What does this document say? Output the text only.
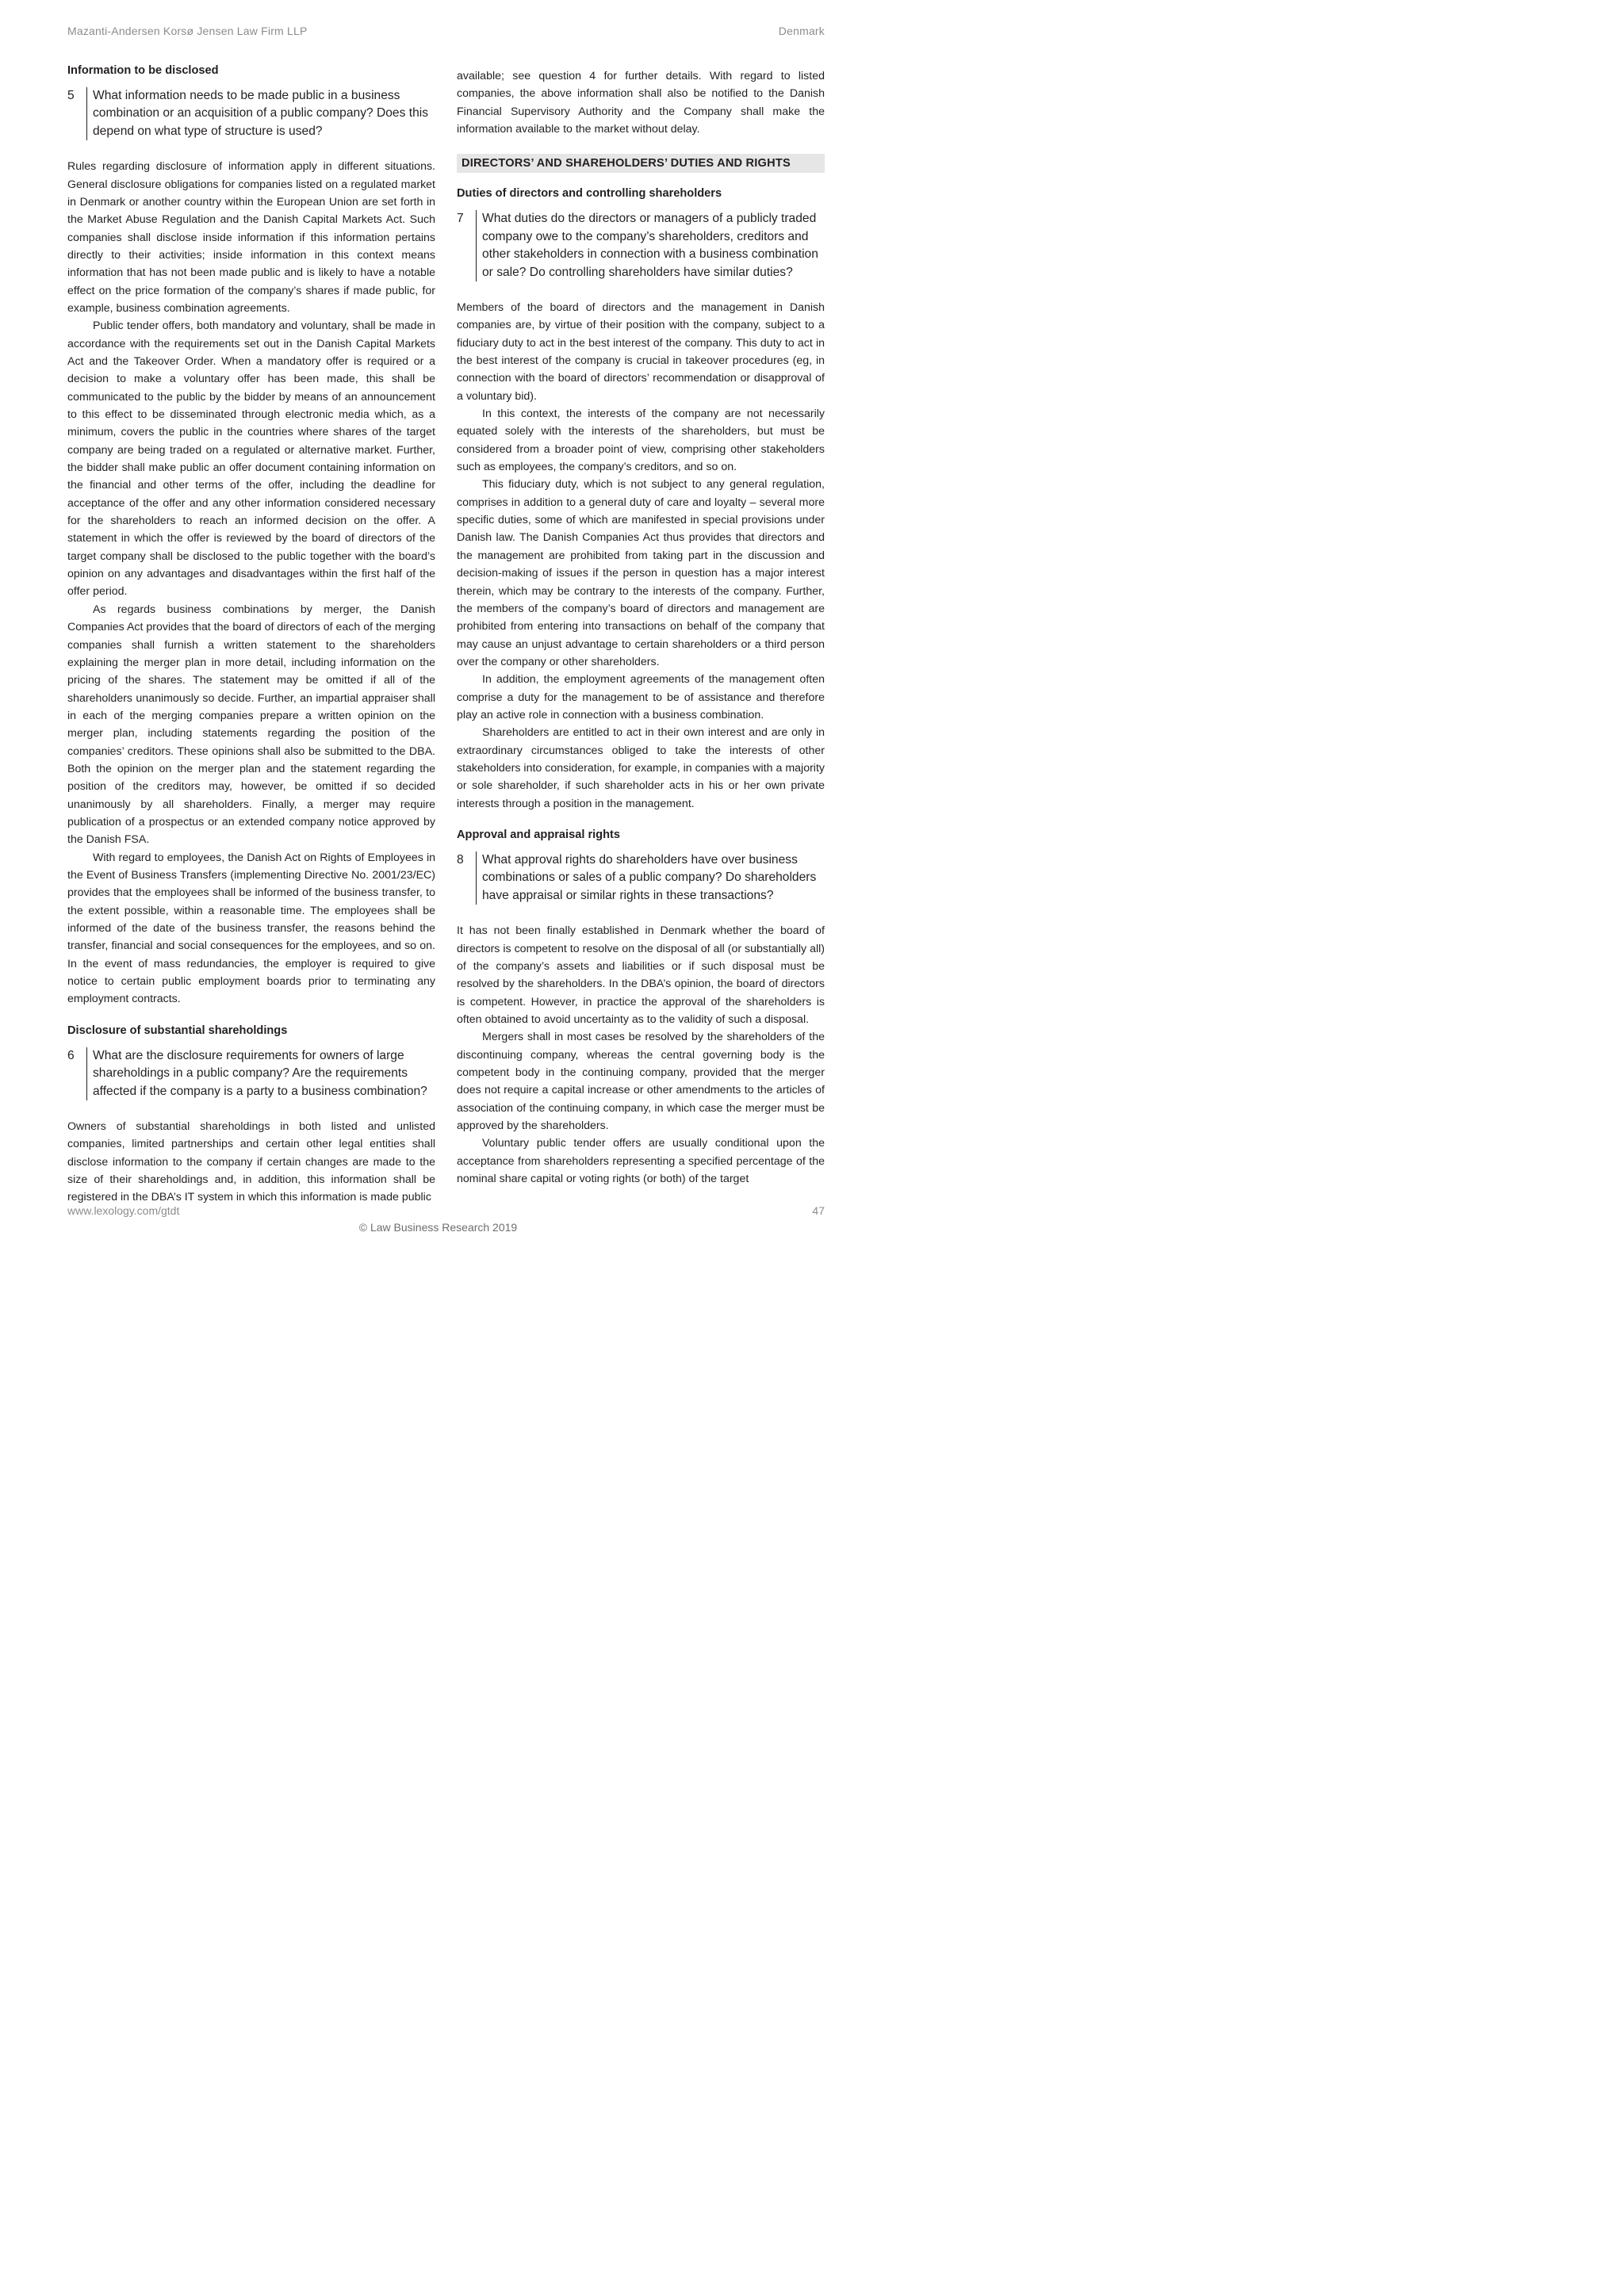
Mazanti-Andersen Korsø Jensen Law Firm LLP	Denmark
Information to be disclosed
5	What information needs to be made public in a business combination or an acquisition of a public company? Does this depend on what type of structure is used?

Rules regarding disclosure of information apply in different situations. General disclosure obligations for companies listed on a regulated market in Denmark or another country within the European Union are set forth in the Market Abuse Regulation and the Danish Capital Markets Act. Such companies shall disclose inside information if this information pertains directly to their activities; inside information in this context means information that has not been made public and is likely to have a notable effect on the price formation of the company’s shares if made public, for example, business combination agreements.

Public tender offers, both mandatory and voluntary, shall be made in accordance with the requirements set out in the Danish Capital Markets Act and the Takeover Order. When a mandatory offer is required or a decision to make a voluntary offer has been made, this shall be communicated to the public by the bidder by means of an announcement to this effect to be disseminated through electronic media which, as a minimum, covers the public in the countries where shares of the target company are being traded on a regulated or alternative market. Further, the bidder shall make public an offer document containing information on the financial and other terms of the offer, including the deadline for acceptance of the offer and any other information considered necessary for the shareholders to reach an informed decision on the offer. A statement in which the offer is reviewed by the board of directors of the target company shall be disclosed to the public together with the board’s opinion on any advantages and disadvantages within the first half of the offer period.

As regards business combinations by merger, the Danish Companies Act provides that the board of directors of each of the merging companies shall furnish a written statement to the shareholders explaining the merger plan in more detail, including information on the pricing of the shares. The statement may be omitted if all of the shareholders unanimously so decide. Further, an impartial appraiser shall in each of the merging companies prepare a written opinion on the merger plan, including statements regarding the position of the companies’ creditors. These opinions shall also be submitted to the DBA. Both the opinion on the merger plan and the statement regarding the position of the creditors may, however, be omitted if so decided unanimously by all shareholders. Finally, a merger may require publication of a prospectus or an extended company notice approved by the Danish FSA.

With regard to employees, the Danish Act on Rights of Employees in the Event of Business Transfers (implementing Directive No. 2001/23/EC) provides that the employees shall be informed of the business transfer, to the extent possible, within a reasonable time. The employees shall be informed of the date of the business transfer, the reasons behind the transfer, financial and social consequences for the employees, and so on. In the event of mass redundancies, the employer is required to give notice to certain public employment boards prior to terminating any employment contracts.

Disclosure of substantial shareholdings
6	What are the disclosure requirements for owners of large shareholdings in a public company? Are the requirements affected if the company is a party to a business combination?

Owners of substantial shareholdings in both listed and unlisted companies, limited partnerships and certain other legal entities shall disclose information to the company if certain changes are made to the size of their shareholdings and, in addition, this information shall be registered in the DBA’s IT system in which this information is made public

available; see question 4 for further details. With regard to listed companies, the above information shall also be notified to the Danish Financial Supervisory Authority and the Company shall make the information available to the market without delay.

DIRECTORS’ AND SHAREHOLDERS’ DUTIES AND RIGHTS
Duties of directors and controlling shareholders
7	What duties do the directors or managers of a publicly traded company owe to the company’s shareholders, creditors and other stakeholders in connection with a business combination or sale? Do controlling shareholders have similar duties?

Members of the board of directors and the management in Danish companies are, by virtue of their position with the company, subject to a fiduciary duty to act in the best interest of the company. This duty to act in the best interest of the company is crucial in takeover procedures (eg, in connection with the board of directors’ recommendation or disapproval of a voluntary bid).

In this context, the interests of the company are not necessarily equated solely with the interests of the shareholders, but must be considered from a broader point of view, comprising other stakeholders such as employees, the company’s creditors, and so on.

This fiduciary duty, which is not subject to any general regulation, comprises in addition to a general duty of care and loyalty – several more specific duties, some of which are manifested in special provisions under Danish law. The Danish Companies Act thus provides that directors and the management are prohibited from taking part in the discussion and decision-making of issues if the person in question has a major interest therein, which may be contrary to the interests of the company. Further, the members of the company’s board of directors and management are prohibited from entering into transactions on behalf of the company that may cause an unjust advantage to certain shareholders or a third person over the company or other shareholders.

In addition, the employment agreements of the management often comprise a duty for the management to be of assistance and therefore play an active role in connection with a business combination.

Shareholders are entitled to act in their own interest and are only in extraordinary circumstances obliged to take the interests of other stakeholders into consideration, for example, in companies with a majority or sole shareholder, if such shareholder acts in his or her own private interests through a position in the management.

Approval and appraisal rights
8	What approval rights do shareholders have over business combinations or sales of a public company? Do shareholders have appraisal or similar rights in these transactions?

It has not been finally established in Denmark whether the board of directors is competent to resolve on the disposal of all (or substantially all) of the company’s assets and liabilities or if such disposal must be resolved by the shareholders. In the DBA’s opinion, the board of directors is competent. However, in practice the approval of the shareholders is often obtained to avoid uncertainty as to the validity of such a disposal.

Mergers shall in most cases be resolved by the shareholders of the discontinuing company, whereas the central governing body is the competent body in the continuing company, provided that the merger does not require a capital increase or other amendments to the articles of association of the continuing company, in which case the merger must be approved by the shareholders.

Voluntary public tender offers are usually conditional upon the acceptance from shareholders representing a specified percentage of the nominal share capital or voting rights (or both) of the target

www.lexology.com/gtdt	47
© Law Business Research 2019
